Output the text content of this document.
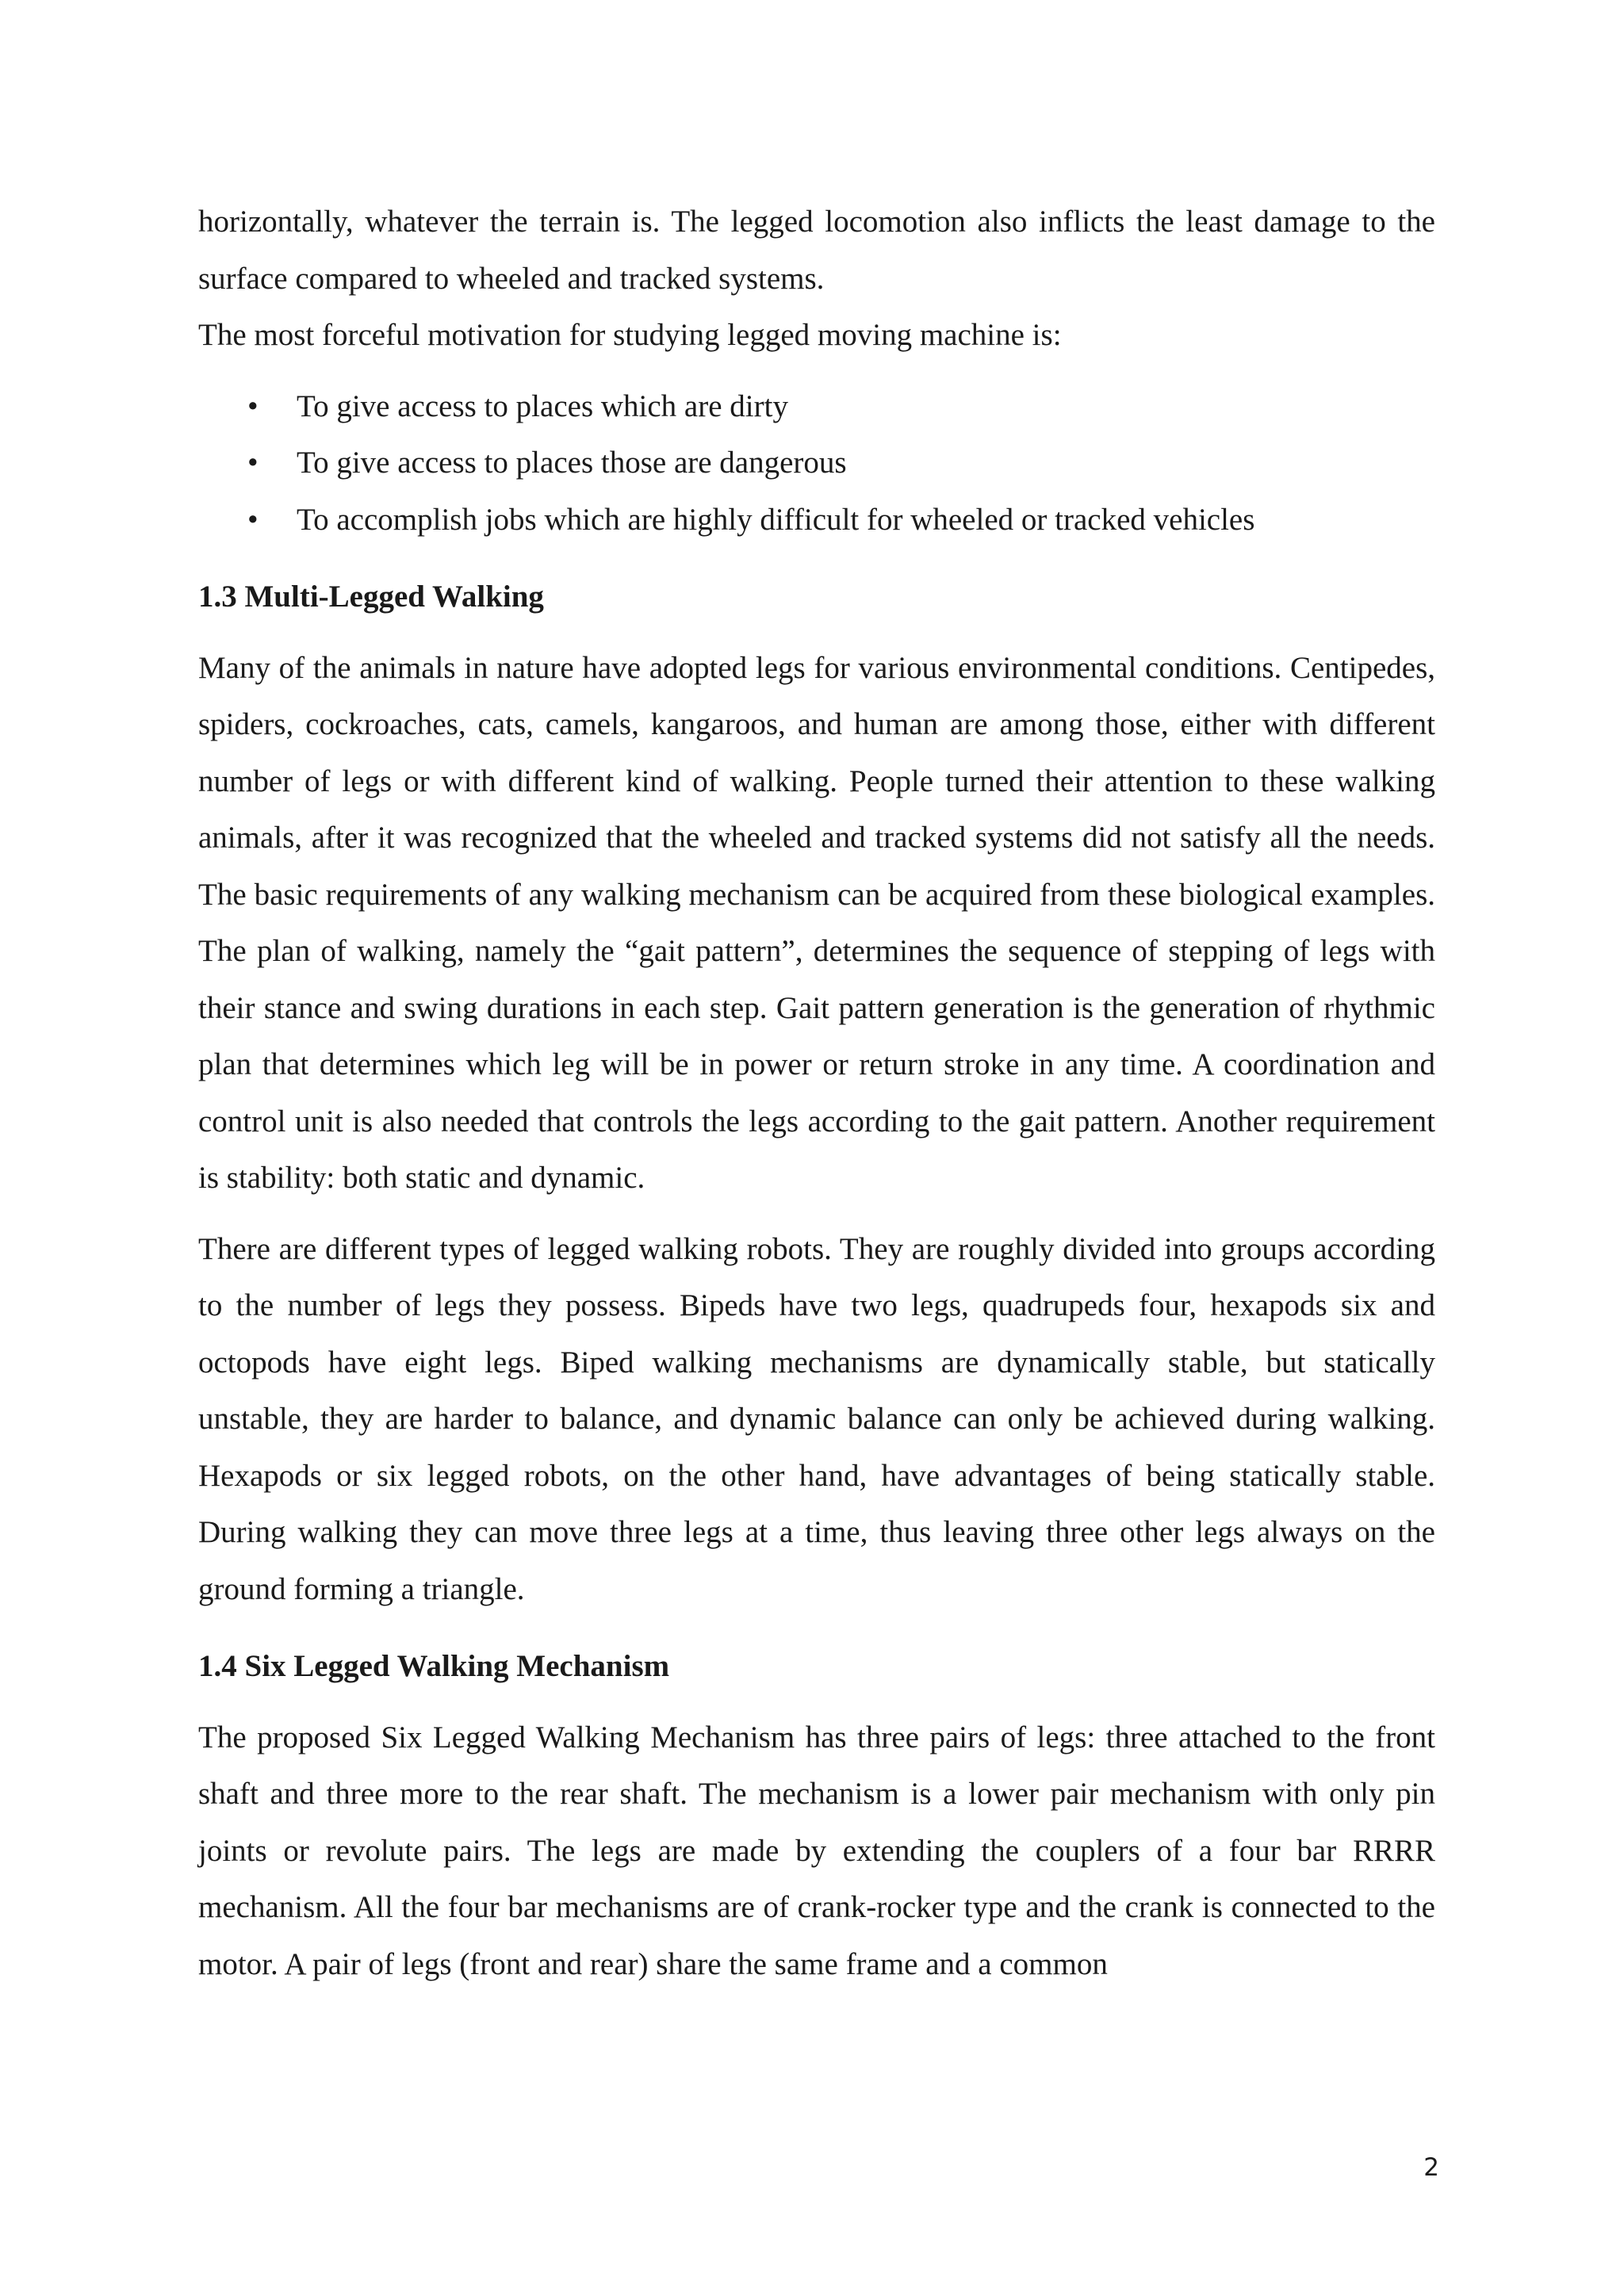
horizontally, whatever the terrain is. The legged locomotion also inflicts the least damage to the surface compared to wheeled and tracked systems.

The most forceful motivation for studying legged moving machine is:

• To give access to places which are dirty
• To give access to places those are dangerous
• To accomplish jobs which are highly difficult for wheeled or tracked vehicles
1.3 Multi-Legged Walking

Many of the animals in nature have adopted legs for various environmental conditions. Centipedes, spiders, cockroaches, cats, camels, kangaroos, and human are among those, either with different number of legs or with different kind of walking. People turned their attention to these walking animals, after it was recognized that the wheeled and tracked systems did not satisfy all the needs. The basic requirements of any walking mechanism can be acquired from these biological examples. The plan of walking, namely the “gait pattern”, determines the sequence of stepping of legs with their stance and swing durations in each step. Gait pattern generation is the generation of rhythmic plan that determines which leg will be in power or return stroke in any time. A coordination and control unit is also needed that controls the legs according to the gait pattern. Another requirement is stability: both static and dynamic.

There are different types of legged walking robots. They are roughly divided into groups according to the number of legs they possess. Bipeds have two legs, quadrupeds four, hexapods six and octopods have eight legs. Biped walking mechanisms are dynamically stable, but statically unstable, they are harder to balance, and dynamic balance can only be achieved during walking. Hexapods or six legged robots, on the other hand, have advantages of being statically stable. During walking they can move three legs at a time, thus leaving three other legs always on the ground forming a triangle.

1.4 Six Legged Walking Mechanism

The proposed Six Legged Walking Mechanism has three pairs of legs: three attached to the front shaft and three more to the rear shaft. The mechanism is a lower pair mechanism with only pin joints or revolute pairs. The legs are made by extending the couplers of a four bar RRRR mechanism. All the four bar mechanisms are of crank-rocker type and the crank is connected to the motor. A pair of legs (front and rear) share the same frame and a common

2
